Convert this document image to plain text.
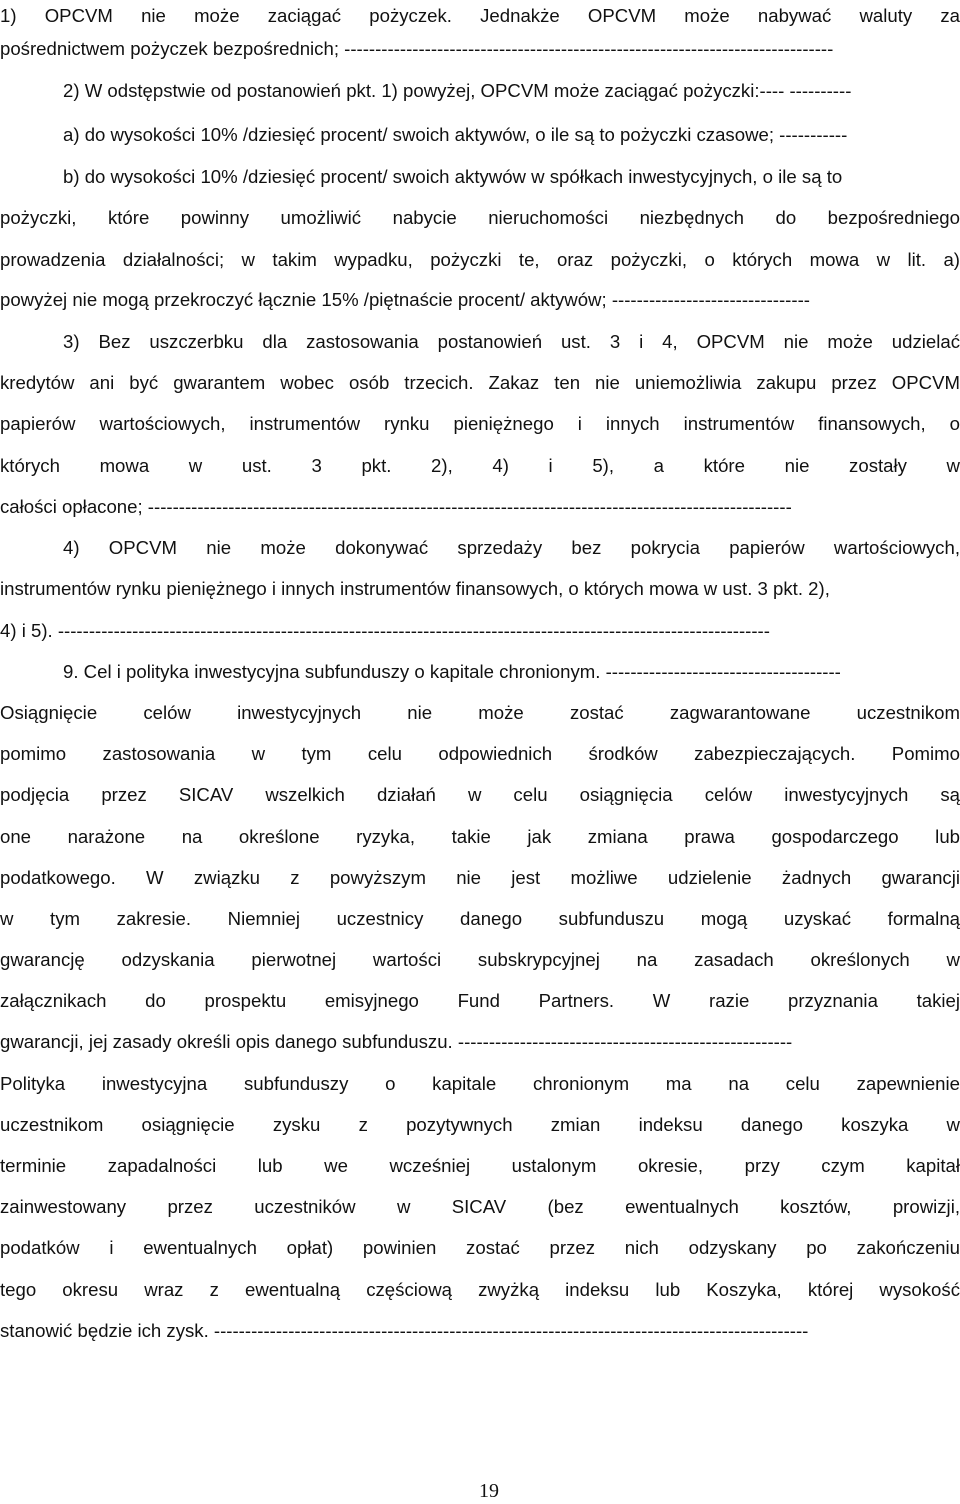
1) OPCVM nie może zaciągać pożyczek. Jednakże OPCVM może nabywać waluty za
pośrednictwem pożyczek bezpośrednich; -------------------------------------------------------------------------------
2) W odstępstwie od postanowień pkt. 1) powyżej, OPCVM może zaciągać pożyczki:---- ----------
a) do wysokości 10% /dziesięć procent/ swoich aktywów, o ile są to pożyczki czasowe; -----------
b) do wysokości 10% /dziesięć procent/ swoich aktywów w spółkach inwestycyjnych, o ile są to
pożyczki, które powinny umożliwić nabycie nieruchomości niezbędnych do bezpośredniego
prowadzenia działalności; w takim wypadku, pożyczki te, oraz pożyczki, o których mowa w lit. a)
powyżej nie mogą przekroczyć łącznie 15% /piętnaście procent/ aktywów; --------------------------------
3) Bez uszczerbku dla zastosowania postanowień ust. 3 i 4, OPCVM nie może udzielać
kredytów ani być gwarantem wobec osób trzecich. Zakaz ten nie uniemożliwia zakupu przez OPCVM
papierów wartościowych, instrumentów rynku pieniężnego i innych instrumentów finansowych, o
których mowa w ust. 3 pkt. 2), 4) i 5), a które nie zostały w
całości opłacone; --------------------------------------------------------------------------------------------------------
4) OPCVM nie może dokonywać sprzedaży bez pokrycia papierów wartościowych,
instrumentów rynku pieniężnego i innych instrumentów finansowych, o których mowa w ust. 3 pkt. 2),
4) i 5). -------------------------------------------------------------------------------------------------------------------
9. Cel i polityka inwestycyjna subfunduszy o kapitale chronionym. --------------------------------------
Osiągnięcie celów inwestycyjnych nie może zostać zagwarantowane uczestnikom
pomimo zastosowania w tym celu odpowiednich środków zabezpieczających. Pomimo
podjęcia przez SICAV wszelkich działań w celu osiągnięcia celów inwestycyjnych są
one narażone na określone ryzyka, takie jak zmiana prawa gospodarczego lub
podatkowego. W związku z powyższym nie jest możliwe udzielenie żadnych gwarancji
w tym zakresie. Niemniej uczestnicy danego subfunduszu mogą uzyskać formalną
gwarancję odzyskania pierwotnej wartości subskrypcyjnej na zasadach określonych w
załącznikach do prospektu emisyjnego Fund Partners. W razie przyznania takiej
gwarancji, jej zasady określi opis danego subfunduszu. ------------------------------------------------------
Polityka inwestycyjna subfunduszy o kapitale chronionym ma na celu zapewnienie
uczestnikom osiągnięcie zysku z pozytywnych zmian indeksu danego koszyka w
terminie zapadalności lub we wcześniej ustalonym okresie, przy czym kapitał
zainwestowany przez uczestników w SICAV (bez ewentualnych kosztów, prowizji,
podatków i ewentualnych opłat) powinien zostać przez nich odzyskany po zakończeniu
tego okresu wraz z ewentualną częściową zwyżką indeksu lub Koszyka, której wysokość
stanowić będzie ich zysk. ------------------------------------------------------------------------------------------------
19
